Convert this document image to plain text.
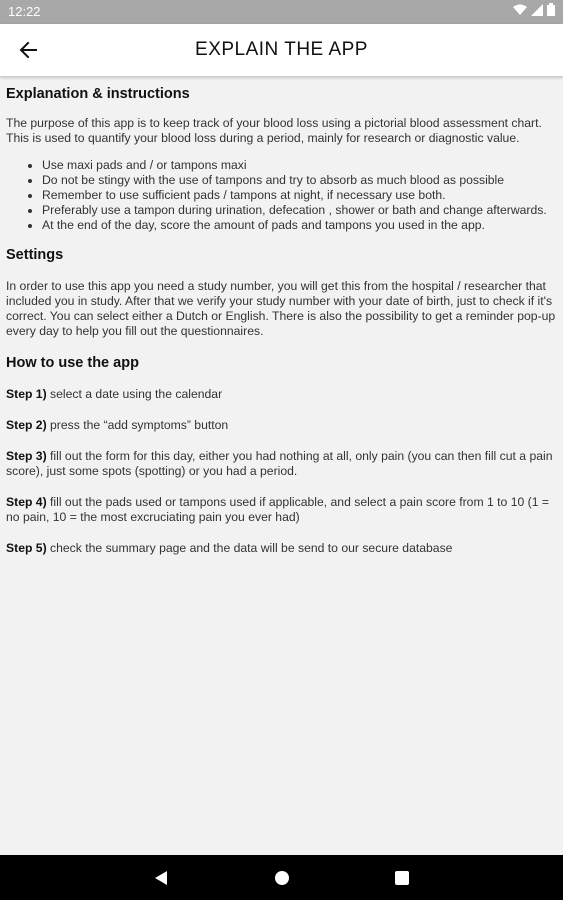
12:22
EXPLAIN THE APP
Explanation & instructions

The purpose of this app is to keep track of your blood loss using a pictorial blood assessment chart. This is used to quantify your blood loss during a period, mainly for research or diagnostic value.

• Use maxi pads and / or tampons maxi
• Do not be stingy with the use of tampons and try to absorb as much blood as possible
• Remember to use sufficient pads / tampons at night, if necessary use both.
• Preferably use a tampon during urination, defecation , shower or bath and change afterwards.
• At the end of the day, score the amount of pads and tampons you used in the app.
Settings

In order to use this app you need a study number, you will get this from the hospital / researcher that included you in study. After that we verify your study number with your date of birth, just to check if it's correct. You can select either a Dutch or English. There is also the possibility to get a reminder pop-up every day to help you fill out the questionnaires.

How to use the app
Step 1) select a date using the calendar
Step 2) press the “add symptoms” button
Step 3) fill out the form for this day, either you had nothing at all, only pain (you can then fill cut a pain score), just some spots (spotting) or you had a period.
Step 4) fill out the pads used or tampons used if applicable, and select a pain score from 1 to 10 (1 = no pain, 10 = the most excruciating pain you ever had)
Step 5) check the summary page and the data will be send to our secure database
